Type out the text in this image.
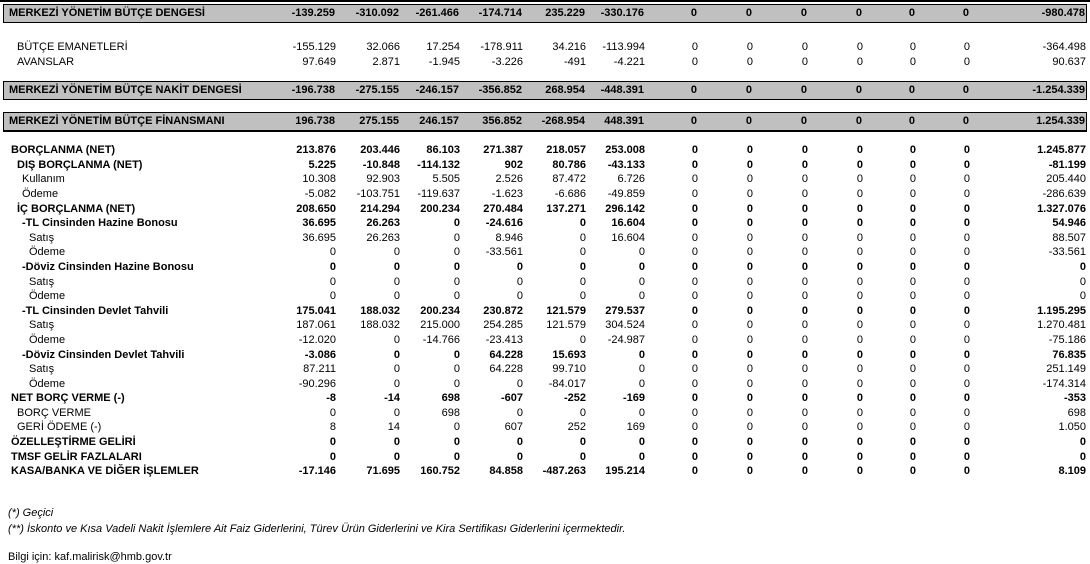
MERKEZİ YÖNETİM BÜTÇE DENGESİ	-139.259	-310.092	-261.466	-174.714	235.229	-330.176	0	0	0	0	0	0	-980.478
BÜTÇE EMANETLERİ	-155.129	32.066	17.254	-178.911	34.216	-113.994	0	0	0	0	0	0	-364.498
AVANSLAR	97.649	2.871	-1.945	-3.226	-491	-4.221	0	0	0	0	0	0	90.637
MERKEZİ YÖNETİM BÜTÇE NAKİT DENGESİ	-196.738	-275.155	-246.157	-356.852	268.954	-448.391	0	0	0	0	0	0	-1.254.339
MERKEZİ YÖNETİM BÜTÇE FİNANSMANI	196.738	275.155	246.157	356.852	-268.954	448.391	0	0	0	0	0	0	1.254.339
BORÇLANMA (NET)	213.876	203.446	86.103	271.387	218.057	253.008	0	0	0	0	0	0	1.245.877
DIŞ BORÇLANMA (NET)	5.225	-10.848	-114.132	902	80.786	-43.133	0	0	0	0	0	0	-81.199
Kullanım	10.308	92.903	5.505	2.526	87.472	6.726	0	0	0	0	0	0	205.440
Ödeme	-5.082	-103.751	-119.637	-1.623	-6.686	-49.859	0	0	0	0	0	0	-286.639
İÇ BORÇLANMA (NET)	208.650	214.294	200.234	270.484	137.271	296.142	0	0	0	0	0	0	1.327.076
-TL Cinsinden Hazine Bonosu	36.695	26.263	0	-24.616	0	16.604	0	0	0	0	0	0	54.946
Satış	36.695	26.263	0	8.946	0	16.604	0	0	0	0	0	0	88.507
Ödeme	0	0	0	-33.561	0	0	0	0	0	0	0	0	-33.561
-Döviz Cinsinden Hazine Bonosu	0	0	0	0	0	0	0	0	0	0	0	0	0
Satış	0	0	0	0	0	0	0	0	0	0	0	0	0
Ödeme	0	0	0	0	0	0	0	0	0	0	0	0	0
-TL Cinsinden Devlet Tahvili	175.041	188.032	200.234	230.872	121.579	279.537	0	0	0	0	0	0	1.195.295
Satış	187.061	188.032	215.000	254.285	121.579	304.524	0	0	0	0	0	0	1.270.481
Ödeme	-12.020	0	-14.766	-23.413	0	-24.987	0	0	0	0	0	0	-75.186
-Döviz Cinsinden Devlet Tahvili	-3.086	0	0	64.228	15.693	0	0	0	0	0	0	0	76.835
Satış	87.211	0	0	64.228	99.710	0	0	0	0	0	0	0	251.149
Ödeme	-90.296	0	0	0	-84.017	0	0	0	0	0	0	0	-174.314
NET BORÇ VERME (-)	-8	-14	698	-607	-252	-169	0	0	0	0	0	0	-353
BORÇ VERME	0	0	698	0	0	0	0	0	0	0	0	0	698
GERİ ÖDEME (-)	8	14	0	607	252	169	0	0	0	0	0	0	1.050
ÖZELLEŞTİRME GELİRİ	0	0	0	0	0	0	0	0	0	0	0	0	0
TMSF GELİR FAZLALARI	0	0	0	0	0	0	0	0	0	0	0	0	0
KASA/BANKA VE DİĞER İŞLEMLER	-17.146	71.695	160.752	84.858	-487.263	195.214	0	0	0	0	0	0	8.109
(*) Geçici
(**) İskonto ve Kısa Vadeli Nakit İşlemlere Ait Faiz Giderlerini, Türev Ürün Giderlerini ve Kira Sertifikası Giderlerini içermektedir.
Bilgi için: kaf.malirisk@hmb.gov.tr
